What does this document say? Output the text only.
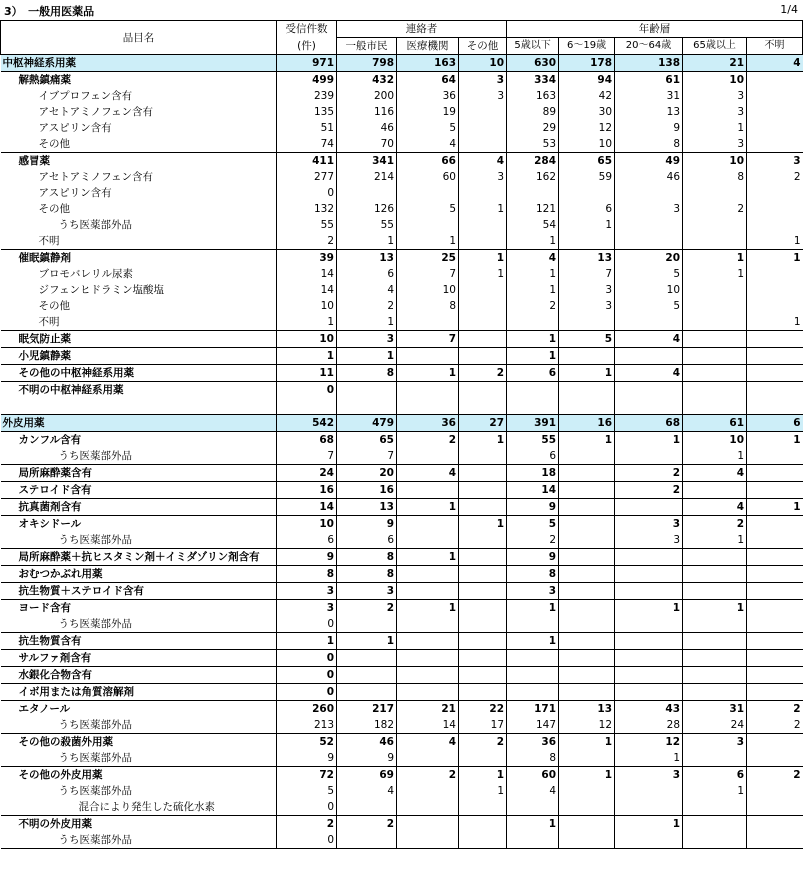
3）　一般用医薬品	1/4
品目名	受信件数	連絡者			年齢層				
	(件)	一般市民	医療機関	その他	5歳以下	6～19歳	20～64歳	65歳以上	不明
中枢神経系用薬	971	798	163	10	630	178	138	21	4
解熱鎮痛薬	499	432	64	3	334	94	61	10	
イブプロフェン含有	239	200	36	3	163	42	31	3	
アセトアミノフェン含有	135	116	19		89	30	13	3	
アスピリン含有	51	46	5		29	12	9	1	
その他	74	70	4		53	10	8	3	
感冒薬	411	341	66	4	284	65	49	10	3
アセトアミノフェン含有	277	214	60	3	162	59	46	8	2
アスピリン含有	0								
その他	132	126	5	1	121	6	3	2	
うち医薬部外品	55	55			54	1			
不明	2	1	1		1				1
催眠鎮静剤	39	13	25	1	4	13	20	1	1
ブロモバレリル尿素	14	6	7	1	1	7	5	1	
ジフェンヒドラミン塩酸塩	14	4	10		1	3	10		
その他	10	2	8		2	3	5		
不明	1	1							1
眠気防止薬	10	3	7		1	5	4		
小児鎮静薬	1	1			1				
その他の中枢神経系用薬	11	8	1	2	6	1	4		
不明の中枢神経系用薬	0								

外皮用薬	542	479	36	27	391	16	68	61	6
カンフル含有	68	65	2	1	55	1	1	10	1
うち医薬部外品	7	7			6			1	
局所麻酔薬含有	24	20	4		18		2	4	
ステロイド含有	16	16			14		2		
抗真菌剤含有	14	13	1		9			4	1
オキシドール	10	9		1	5		3	2	
うち医薬部外品	6	6			2		3	1	
局所麻酔薬＋抗ヒスタミン剤＋イミダゾリン剤含有	9	8	1		9				
おむつかぶれ用薬	8	8			8				
抗生物質＋ステロイド含有	3	3			3				
ヨード含有	3	2	1		1		1	1	
うち医薬部外品	0								
抗生物質含有	1	1			1				
サルファ剤含有	0								
水銀化合物含有	0								
イボ用または角質溶解剤	0								
エタノール	260	217	21	22	171	13	43	31	2
うち医薬部外品	213	182	14	17	147	12	28	24	2
その他の殺菌外用薬	52	46	4	2	36	1	12	3	
うち医薬部外品	9	9			8		1		
その他の外皮用薬	72	69	2	1	60	1	3	6	2
うち医薬部外品	5	4		1	4			1	
混合により発生した硫化水素	0								
不明の外皮用薬	2	2			1		1		
うち医薬部外品	0								
